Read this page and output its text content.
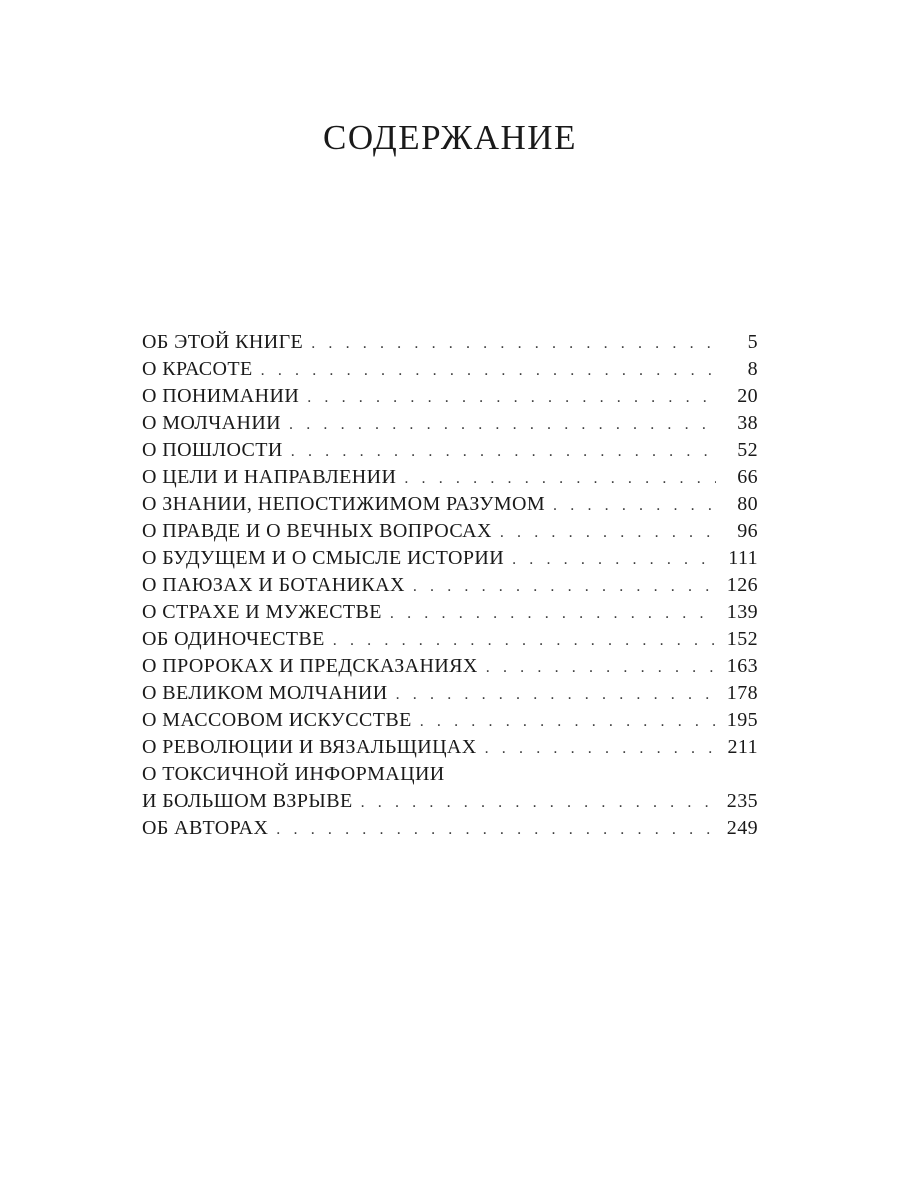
СОДЕРЖАНИЕ
ОБ ЭТОЙ КНИГЕ . . .	5
О КРАСОТЕ . . .	8
О ПОНИМАНИИ . . .	20
О МОЛЧАНИИ . . .	38
О ПОШЛОСТИ . . .	52
О ЦЕЛИ И НАПРАВЛЕНИИ . . .	66
О ЗНАНИИ, НЕПОСТИЖИМОМ РАЗУМОМ . . .	80
О ПРАВДЕ И О ВЕЧНЫХ ВОПРОСАХ . . .	96
О БУДУЩЕМ И О СМЫСЛЕ ИСТОРИИ . . .	111
О ПАЮЗАХ И БОТАНИКАХ . . .	126
О СТРАХЕ И МУЖЕСТВЕ . . .	139
ОБ ОДИНОЧЕСТВЕ . . .	152
О ПРОРОКАХ И ПРЕДСКАЗАНИЯХ . . .	163
О ВЕЛИКОМ МОЛЧАНИИ . . .	178
О МАССОВОМ ИСКУССТВЕ . . .	195
О РЕВОЛЮЦИИ И ВЯЗАЛЬЩИЦАХ . . .	211
О ТОКСИЧНОЙ ИНФОРМАЦИИ
И БОЛЬШОМ ВЗРЫВЕ . . .	235
ОБ АВТОРАХ . . .	249
